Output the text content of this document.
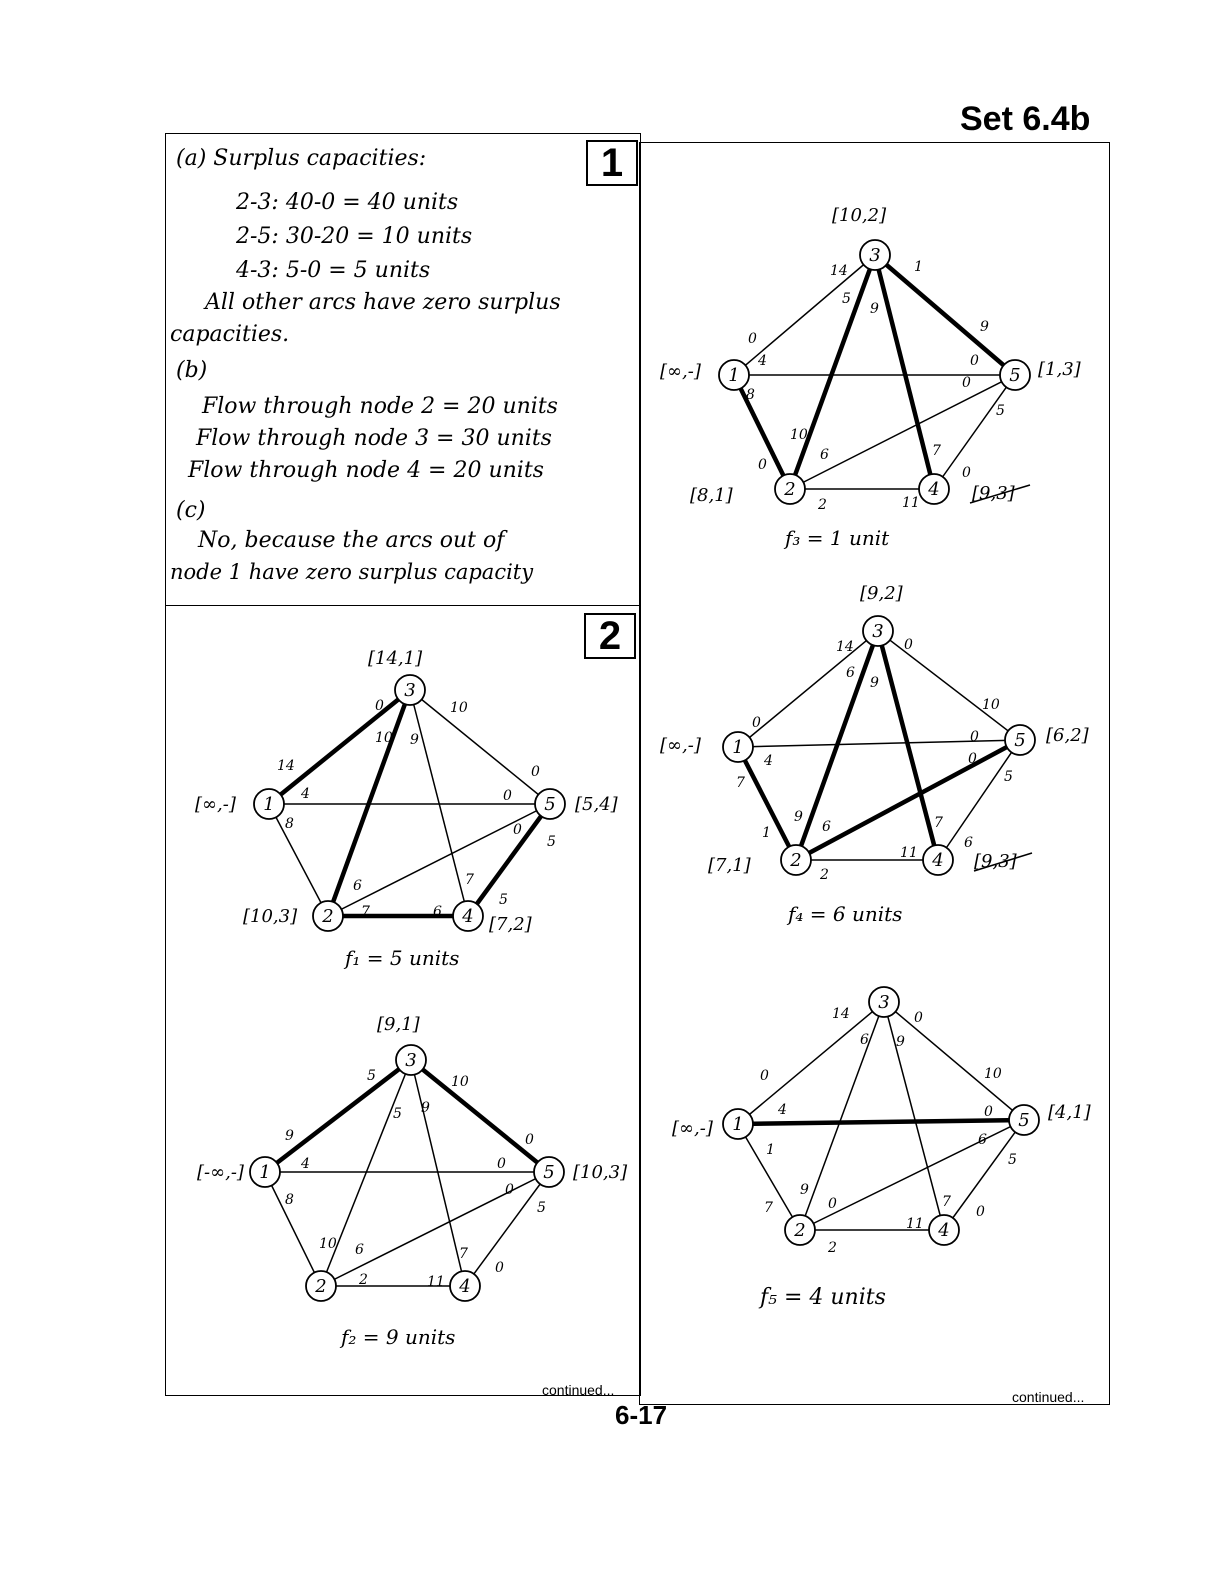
Set 6.4b
1
2
(a) Surplus capacities:
2-3: 40-0 = 40 units
2-5: 30-20 = 10 units
4-3: 5-0 = 5 units
All other arcs have zero surplus
capacities.
(b)
Flow through node 2 = 20 units
Flow through node 3 = 30 units
Flow through node 4 = 20 units
(c)
No, because the arcs out of
node 1 have zero surplus capacity
3
1	5
2	4
[14,1]
[∞,-]	[5,4]
[10,3]	[7,2]
0	10
14
10 9
4
8
0
0
0
5
6
7	6
7
5
f₁ = 5 units
3
1	5
2	4
[9,1]
[-∞,-]	[10,3]
5	10
9
5 9
4
8
0
0
0
5
10 6	7
0
2	11
f₂ = 9 units
3
1	5
2	4
[10,2]
[∞,-]	[1,3]
[8,1]	[9,3]
14	1
5
9
0
4
8
9
0
0
5
10
6	7
0	0
2	11
f₃ = 1 unit
3
1	5
2	4
[9,2]
[∞,-]	[6,2]
[7,1]	[9,3]
14	0
6
9
0
10
4
0
0
7	5
1
9
6	7
6
11
2
f₄ = 6 units
3
1	5
2	4
[∞,-]
[4,1]
14	0
6 9
0	10
4	0
6
1
5
7
9
0	7
0
11
2
f₅ = 4 units
continued...	continued...
6-17
